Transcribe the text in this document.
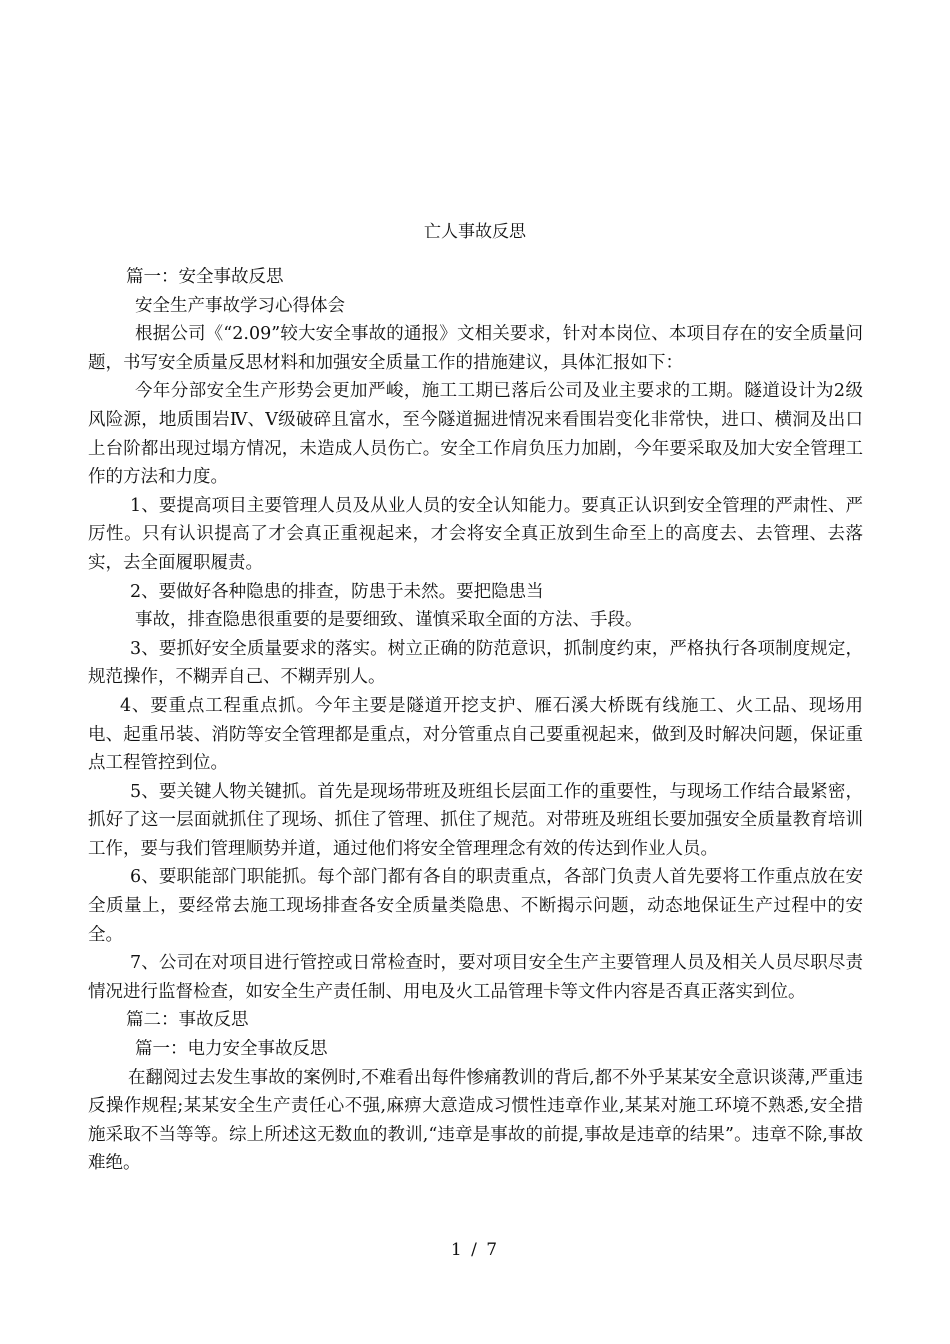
亡人事故反思

篇一：安全事故反思

安全生产事故学习心得体会

根据公司《“2.09”较大安全事故的通报》文相关要求，针对本岗位、本项目存在的安全质量问题，书写安全质量反思材料和加强安全质量工作的措施建议，具体汇报如下：

今年分部安全生产形势会更加严峻，施工工期已落后公司及业主要求的工期。隧道设计为2级风险源，地质围岩Ⅳ、Ⅴ级破碎且富水，至今隧道掘进情况来看围岩变化非常快，进口、横洞及出口上台阶都出现过塌方情况，未造成人员伤亡。安全工作肩负压力加剧，今年要采取及加大安全管理工作的方法和力度。

1、要提高项目主要管理人员及从业人员的安全认知能力。要真正认识到安全管理的严肃性、严厉性。只有认识提高了才会真正重视起来，才会将安全真正放到生命至上的高度去、去管理、去落实，去全面履职履责。

2、要做好各种隐患的排查，防患于未然。要把隐患当

事故，排查隐患很重要的是要细致、谨慎采取全面的方法、手段。

3、要抓好安全质量要求的落实。树立正确的防范意识，抓制度约束，严格执行各项制度规定，规范操作，不糊弄自己、不糊弄别人。

4、要重点工程重点抓。今年主要是隧道开挖支护、雁石溪大桥既有线施工、火工品、现场用电、起重吊装、消防等安全管理都是重点，对分管重点自己要重视起来，做到及时解决问题，保证重点工程管控到位。

5、要关键人物关键抓。首先是现场带班及班组长层面工作的重要性，与现场工作结合最紧密，抓好了这一层面就抓住了现场、抓住了管理、抓住了规范。对带班及班组长要加强安全质量教育培训工作，要与我们管理顺势并道，通过他们将安全管理理念有效的传达到作业人员。

6、要职能部门职能抓。每个部门都有各自的职责重点，各部门负责人首先要将工作重点放在安全质量上，要经常去施工现场排查各安全质量类隐患、不断揭示问题，动态地保证生产过程中的安全。

7、公司在对项目进行管控或日常检查时，要对项目安全生产主要管理人员及相关人员尽职尽责情况进行监督检查，如安全生产责任制、用电及火工品管理卡等文件内容是否真正落实到位。

篇二：事故反思

篇一：电力安全事故反思

在翻阅过去发生事故的案例时,不难看出每件惨痛教训的背后,都不外乎某某安全意识谈薄,严重违反操作规程;某某安全生产责任心不强,麻痹大意造成习惯性违章作业,某某对施工环境不熟悉,安全措施采取不当等等。综上所述这无数血的教训,“违章是事故的前提,事故是违章的结果”。违章不除,事故难绝。

1 / 7
